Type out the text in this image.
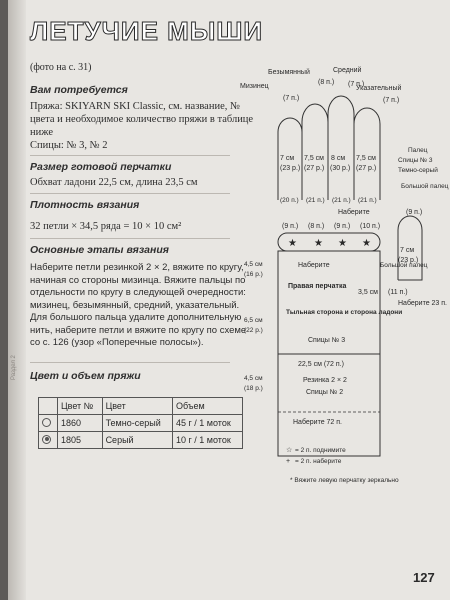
Раздел 2
ЛЕТУЧИЕ МЫШИ
(фото на с. 31)
Вам потребуется
Пряжа: SKIYARN SKI Classic, см. название, № цвета и необходимое количество пряжи в таблице ниже
Спицы: № 3, № 2
Размер готовой перчатки
Обхват ладони 22,5 см, длина 23,5 см
Плотность вязания
32 петли × 34,5 ряда = 10 × 10 см²
Основные этапы вязания
Наберите петли резинкой 2 × 2, вяжите по кругу, начиная со стороны мизинца. Вяжите пальцы по отдельности по кругу в следующей очередности: мизинец, безымянный, средний, указательный. Для большого пальца удалите дополнительную нить, наберите петли и вяжите по кругу по схеме со с. 126 (узор «Поперечные полосы»).
Цвет и объем пряжи
	Цвет №	Цвет	Объем
	1860	Темно-серый	45 г / 1 моток
	1805	Серый	10 г / 1 моток
Безымянный	Средний
Мизинец	Указательный
(7 п.)
(7 п.)
(8 п.)
(7 п.)
7 см
(23 р.)
7,5 см
(27 р.)
8 см
(30 р.)
7,5 см
(27 р.)
(20 п.) (21 п.) (21 п.) (21 п.)
Наберите
Палец
Спицы № 3
Темно-серый
Большой палец
(9 п.)
(9 п.) (8 п.) (9 п.) (10 п.)
★ ★ ★ ★
Наберите	Большой палец
7 см
(23 р.)
Наберите 23 п.
3,5 см (11 п.)
Правая перчатка
Тыльная сторона и сторона ладони
Спицы № 3
22,5 см (72 п.)
Резинка 2 × 2
Спицы № 2
Наберите 72 п.
4,5 см
(16 р.)
6,5 см
(22 р.)
4,5 см
(18 р.)
☆ = 2 п. поднимите
+ = 2 п. наберите
* Вяжите левую перчатку зеркально
127
